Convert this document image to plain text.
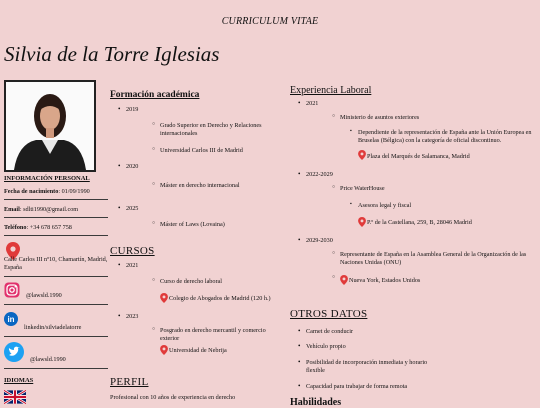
CURRICULUM VITAE
Silvia de la Torre Iglesias
INFORMACIÓN PERSONAL
Fecha de nacimiento: 01/09/1990
Email: sdlti1990@gmail.com
Teléfono: +34 678 657 758
Calle Carlos III nº10, Chamartín, Madrid, España
@lawsld.1990
in
linkedin/silviadelatorre
@lawsld.1990
IDIOMAS
Formación académica
• 2019
○ Grado Superior en Derecho y Relaciones internacionales
○ Universidad Carlos III de Madrid
• 2020
○ Máster en derecho internacional
• 2025
○ Máster of Laws (Lovaina)
CURSOS
• 2021
○ Curso de derecho laboral
Colegio de Abogados de Madrid (120 h.)
• 2023
○ Posgrado en derecho mercantil y comercio exterior
Universidad de Nebrija
PERFIL
Profesional con 10 años de experiencia en derecho
Experiencia Laboral
• 2021
○ Ministerio de asuntos exteriores
▪ Dependiente de la representación de España ante la Unión Europea en Bruselas (Bélgica) con la categoría de oficial discontinuo.
Plaza del Marqués de Salamanca, Madrid
• 2022-2029
○ Price WaterHouse
▪ Asesora legal y fiscal
P.º de la Castellana, 259, B, 28046 Madrid
• 2029-2030
○ Representante de España en la Asamblea General de la Organización de las Naciones Unidas (ONU)
○ Nueva York, Estados Unidos
OTROS DATOS
• Carnet de conducir
• Vehículo propio
• Posibilidad de incorporación inmediata y horario flexible
• Capacidad para trabajar de forma remota
Habilidades
